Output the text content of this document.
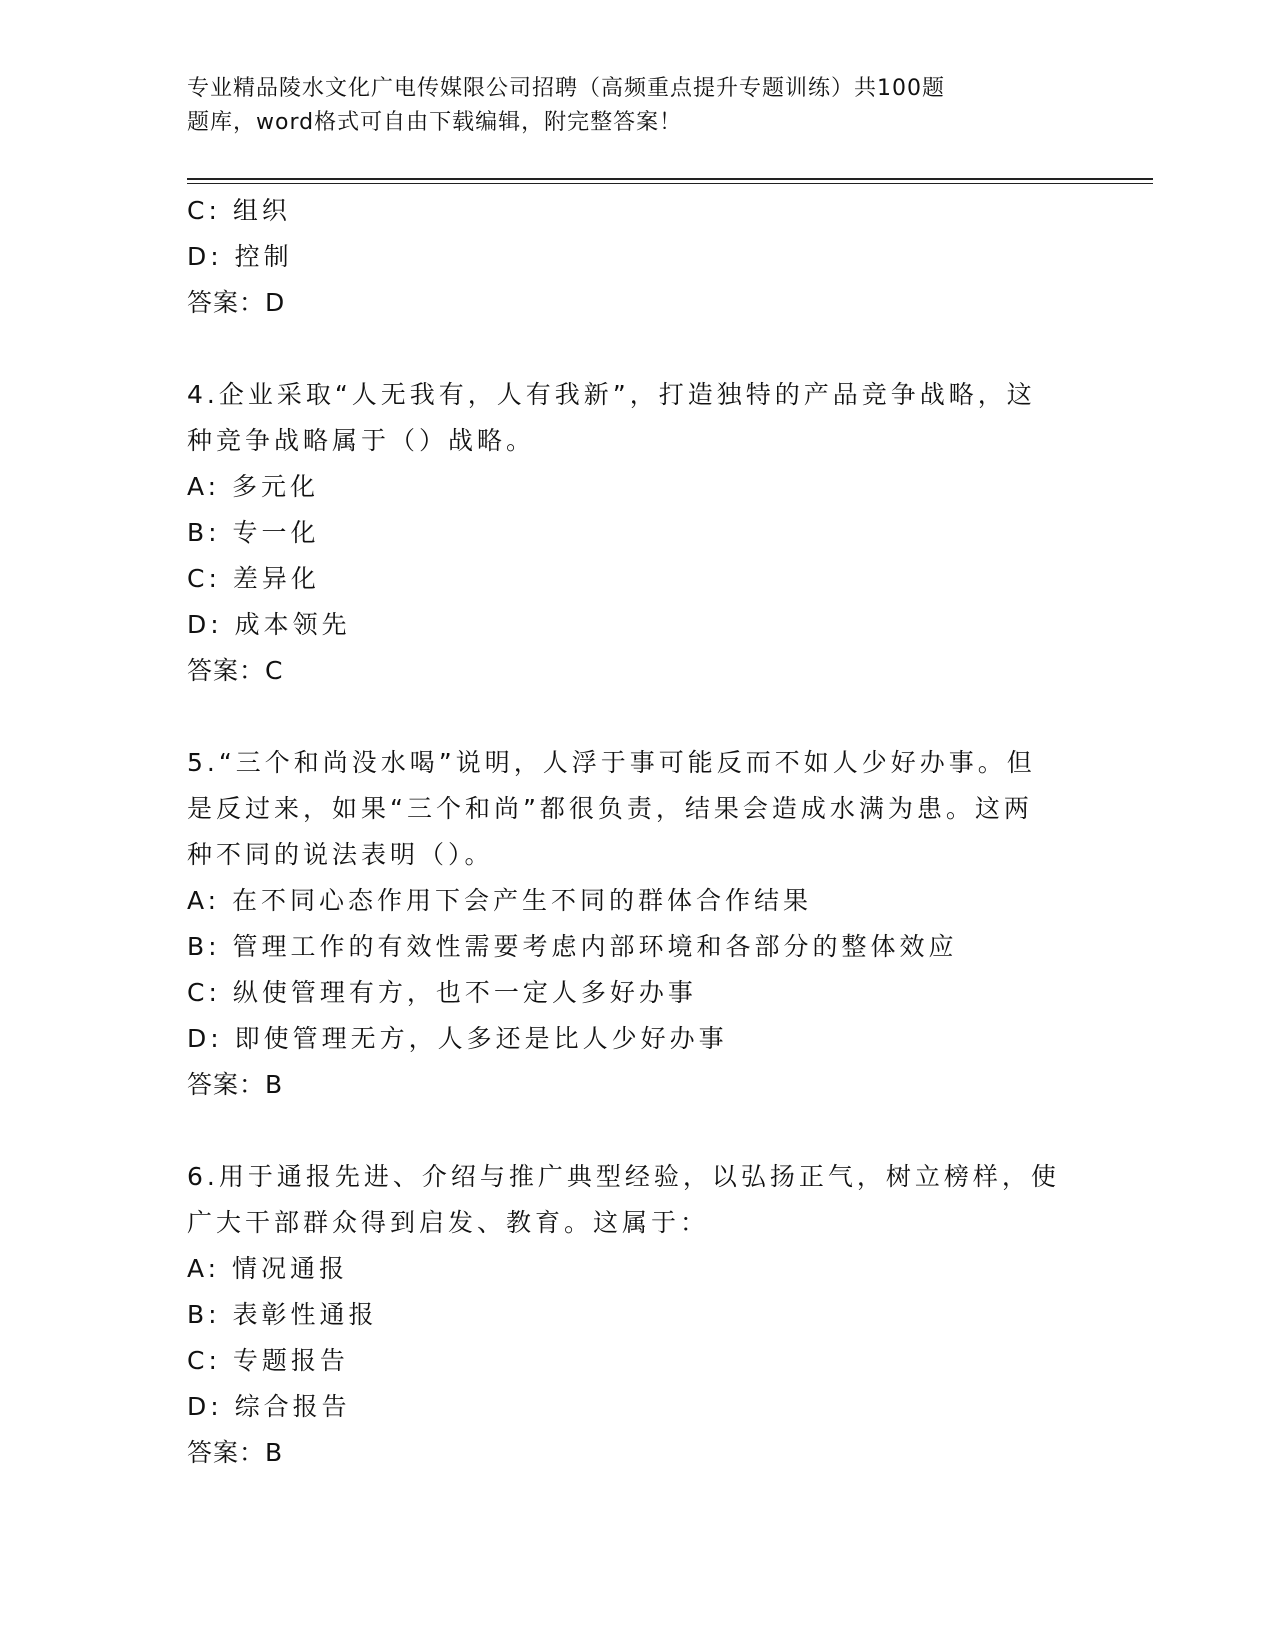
专业精品陵水文化广电传媒限公司招聘（高频重点提升专题训练）共100题
题库，word格式可自由下载编辑，附完整答案！
C: 组织
D: 控制
答案：D
4.企业采取“人无我有，人有我新”，打造独特的产品竞争战略，这
种竞争战略属于（）战略。
A: 多元化
B: 专一化
C: 差异化
D: 成本领先
答案：C
5.“三个和尚没水喝”说明，人浮于事可能反而不如人少好办事。但
是反过来，如果“三个和尚”都很负责，结果会造成水满为患。这两
种不同的说法表明（）。
A: 在不同心态作用下会产生不同的群体合作结果
B: 管理工作的有效性需要考虑内部环境和各部分的整体效应
C: 纵使管理有方，也不一定人多好办事
D: 即使管理无方，人多还是比人少好办事
答案：B
6.用于通报先进、介绍与推广典型经验，以弘扬正气，树立榜样，使
广大干部群众得到启发、教育。这属于：
A: 情况通报
B: 表彰性通报
C: 专题报告
D: 综合报告
答案：B
